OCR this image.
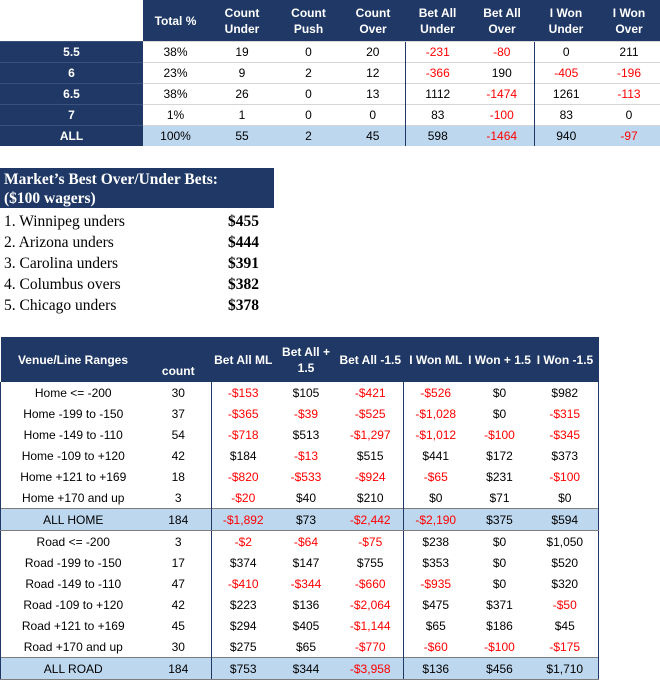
	Total %	Count Under	Count Push	Count Over	Bet All Under	Bet All Over	I Won Under	I Won Over
5.5	38%	19	0	20	-231	-80	0	211
6	23%	9	2	12	-366	190	-405	-196
6.5	38%	26	0	13	1112	-1474	1261	-113
7	1%	1	0	0	83	-100	83	0
ALL	100%	55	2	45	598	-1464	940	-97
Market’s Best Over/Under Bets:
($100 wagers)
1. Winnipeg unders	$455
2. Arizona unders	$444
3. Carolina unders	$391
4. Columbus overs	$382
5. Chicago unders	$378
Venue/Line Ranges	count	Bet All ML	Bet All + 1.5	Bet All -1.5	I Won ML	I Won + 1.5	I Won -1.5
Home <= -200	30	-$153	$105	-$421	-$526	$0	$982
Home -199 to -150	37	-$365	-$39	-$525	-$1,028	$0	-$315
Home -149 to -110	54	-$718	$513	-$1,297	-$1,012	-$100	-$345
Home -109 to +120	42	$184	-$13	$515	$441	$172	$373
Home +121 to +169	18	-$820	-$533	-$924	-$65	$231	-$100
Home +170 and up	3	-$20	$40	$210	$0	$71	$0
ALL HOME	184	-$1,892	$73	-$2,442	-$2,190	$375	$594
Road <= -200	3	-$2	-$64	-$75	$238	$0	$1,050
Road -199 to -150	17	$374	$147	$755	$353	$0	$520
Road -149 to -110	47	-$410	-$344	-$660	-$935	$0	$320
Road -109 to +120	42	$223	$136	-$2,064	$475	$371	-$50
Road +121 to +169	45	$294	$405	-$1,144	$65	$186	$45
Road +170 and up	30	$275	$65	-$770	-$60	-$100	-$175
ALL ROAD	184	$753	$344	-$3,958	$136	$456	$1,710
